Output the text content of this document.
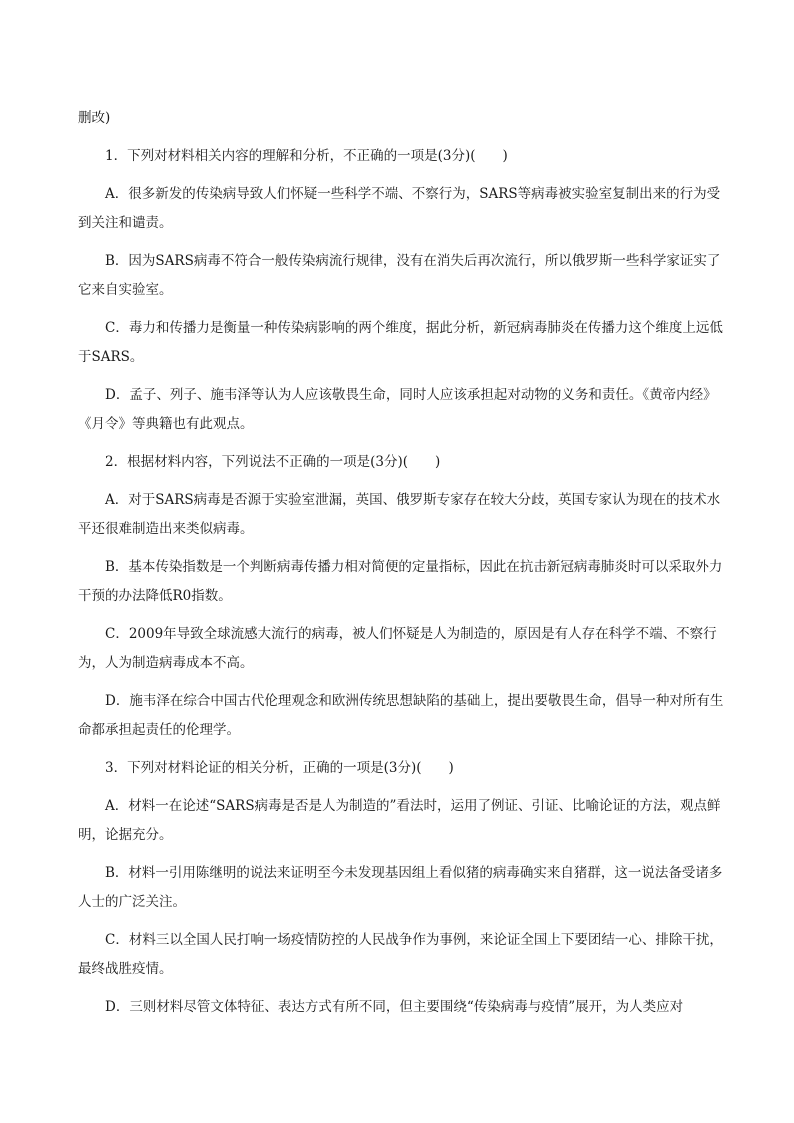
删改)

1．下列对材料相关内容的理解和分析，不正确的一项是(3分)(　　)

A．很多新发的传染病导致人们怀疑一些科学不端、不察行为，SARS等病毒被实验室复制出来的行为受到关注和谴责。

B．因为SARS病毒不符合一般传染病流行规律，没有在消失后再次流行，所以俄罗斯一些科学家证实了它来自实验室。

C．毒力和传播力是衡量一种传染病影响的两个维度，据此分析，新冠病毒肺炎在传播力这个维度上远低于SARS。

D．孟子、列子、施韦泽等认为人应该敬畏生命，同时人应该承担起对动物的义务和责任。《黄帝内经》《月令》等典籍也有此观点。

2．根据材料内容，下列说法不正确的一项是(3分)(　　)

A．对于SARS病毒是否源于实验室泄漏，英国、俄罗斯专家存在较大分歧，英国专家认为现在的技术水平还很难制造出来类似病毒。

B．基本传染指数是一个判断病毒传播力相对简便的定量指标，因此在抗击新冠病毒肺炎时可以采取外力干预的办法降低R0指数。

C．2009年导致全球流感大流行的病毒，被人们怀疑是人为制造的，原因是有人存在科学不端、不察行为，人为制造病毒成本不高。

D．施韦泽在综合中国古代伦理观念和欧洲传统思想缺陷的基础上，提出要敬畏生命，倡导一种对所有生命都承担起责任的伦理学。

3．下列对材料论证的相关分析，正确的一项是(3分)(　　)

A．材料一在论述“SARS病毒是否是人为制造的”看法时，运用了例证、引证、比喻论证的方法，观点鲜明，论据充分。

B．材料一引用陈继明的说法来证明至今未发现基因组上看似猪的病毒确实来自猪群，这一说法备受诸多人士的广泛关注。

C．材料三以全国人民打响一场疫情防控的人民战争作为事例，来论证全国上下要团结一心、排除干扰，最终战胜疫情。

D．三则材料尽管文体特征、表达方式有所不同，但主要围绕“传染病毒与疫情”展开，为人类应对
